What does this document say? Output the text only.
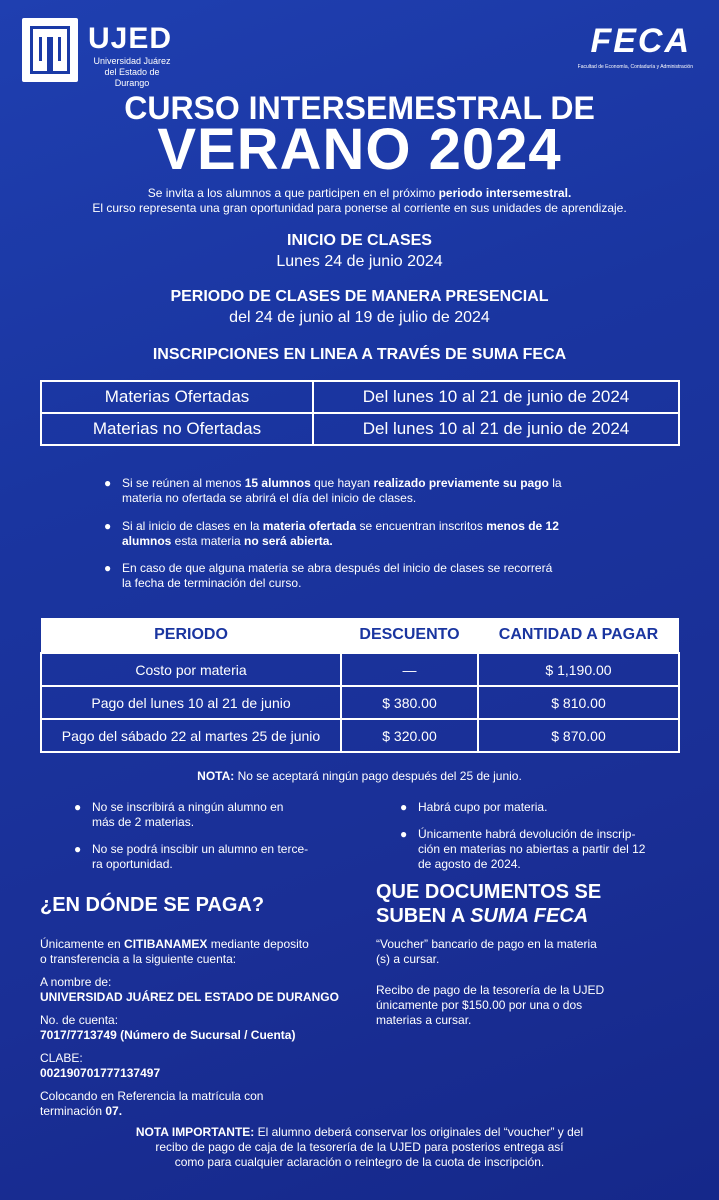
UJED
Universidad Juárez del Estado de Durango
FECA
Facultad de Economía, Contaduría y Administración
CURSO INTERSEMESTRAL DE
VERANO 2024
Se invita a los alumnos a que participen en el próximo periodo intersemestral.
El curso representa una gran oportunidad para ponerse al corriente en sus unidades de aprendizaje.
INICIO DE CLASES
Lunes 24 de junio 2024
PERIODO DE CLASES DE MANERA PRESENCIAL
del 24 de junio al 19 de julio de 2024
INSCRIPCIONES EN LINEA A TRAVÉS DE SUMA FECA
Materias Ofertadas	Del lunes 10 al 21 de junio de 2024
Materias no Ofertadas	Del lunes 10 al 21 de junio de 2024
● Si se reúnen al menos 15 alumnos que hayan realizado previamente su pago la
materia no ofertada se abrirá el día del inicio de clases.
● Si al inicio de clases en la materia ofertada se encuentran inscritos menos de 12
alumnos esta materia no será abierta.
● En caso de que alguna materia se abra después del inicio de clases se recorrerá
la fecha de terminación del curso.
PERIODO	DESCUENTO	CANTIDAD A PAGAR
Costo por materia	—	$ 1,190.00
Pago del lunes 10 al 21 de junio	$ 380.00	$ 810.00
Pago del sábado 22 al martes 25 de junio	$ 320.00	$ 870.00
NOTA: No se aceptará ningún pago después del 25 de junio.
● No se inscribirá a ningún alumno en
más de 2 materias.
● No se podrá inscibir un alumno en terce-
ra oportunidad.
● Habrá cupo por materia.
● Únicamente habrá devolución de inscrip-
ción en materias no abiertas a partir del 12
de agosto de 2024.
¿EN DÓNDE SE PAGA?
Únicamente en CITIBANAMEX mediante deposito
o transferencia a la siguiente cuenta:
A nombre de:
UNIVERSIDAD JUÁREZ DEL ESTADO DE DURANGO
No. de cuenta:
7017/7713749 (Número de Sucursal / Cuenta)
CLABE:
002190701777137497
Colocando en Referencia la matrícula con
terminación 07.
QUE DOCUMENTOS SE
SUBEN A SUMA FECA
“Voucher” bancario de pago en la materia
(s) a cursar.
Recibo de pago de la tesorería de la UJED
únicamente por $150.00 por una o dos
materias a cursar.
NOTA IMPORTANTE: El alumno deberá conservar los originales del “voucher” y del
recibo de pago de caja de la tesorería de la UJED para posterios entrega así
como para cualquier aclaración o reintegro de la cuota de inscripción.
